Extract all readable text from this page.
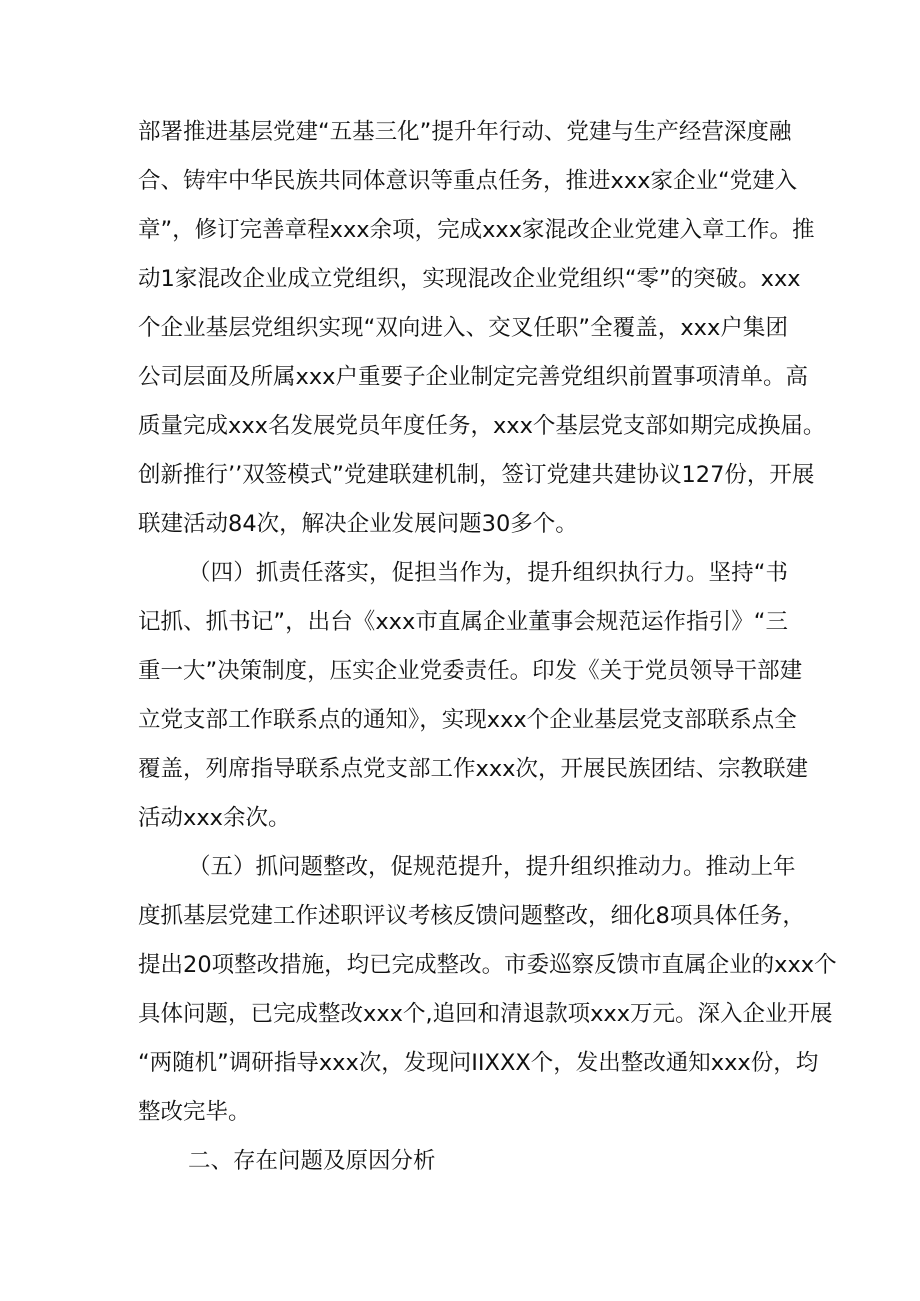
部署推进基层党建“五基三化”提升年行动、党建与生产经营深度融

合、铸牢中华民族共同体意识等重点任务，推进xxx家企业“党建入

章”，修订完善章程xxx余项，完成xxx家混改企业党建入章工作。推

动1家混改企业成立党组织，实现混改企业党组织“零”的突破。xxx

个企业基层党组织实现“双向进入、交叉任职”全覆盖，xxx户集团

公司层面及所属xxx户重要子企业制定完善党组织前置事项清单。高

质量完成xxx名发展党员年度任务，xxx个基层党支部如期完成换届。

创新推行’’双签模式”党建联建机制，签订党建共建协议127份，开展

联建活动84次，解决企业发展问题30多个。

（四）抓责任落实，促担当作为，提升组织执行力。坚持“书

记抓、抓书记”，出台《xxx市直属企业董事会规范运作指引》“三

重一大”决策制度，压实企业党委责任。印发《关于党员领导干部建

立党支部工作联系点的通知》，实现xxx个企业基层党支部联系点全

覆盖，列席指导联系点党支部工作xxx次，开展民族团结、宗教联建

活动xxx余次。

（五）抓问题整改，促规范提升，提升组织推动力。推动上年

度抓基层党建工作述职评议考核反馈问题整改，细化8项具体任务，

提出20项整改措施，均已完成整改。市委巡察反馈市直属企业的xxx个

具体问题，已完成整改xxx个,追回和清退款项xxx万元。深入企业开展

“两随机”调研指导xxx次，发现问IIXXX个，发出整改通知xxx份，均

整改完毕。

二、存在问题及原因分析
